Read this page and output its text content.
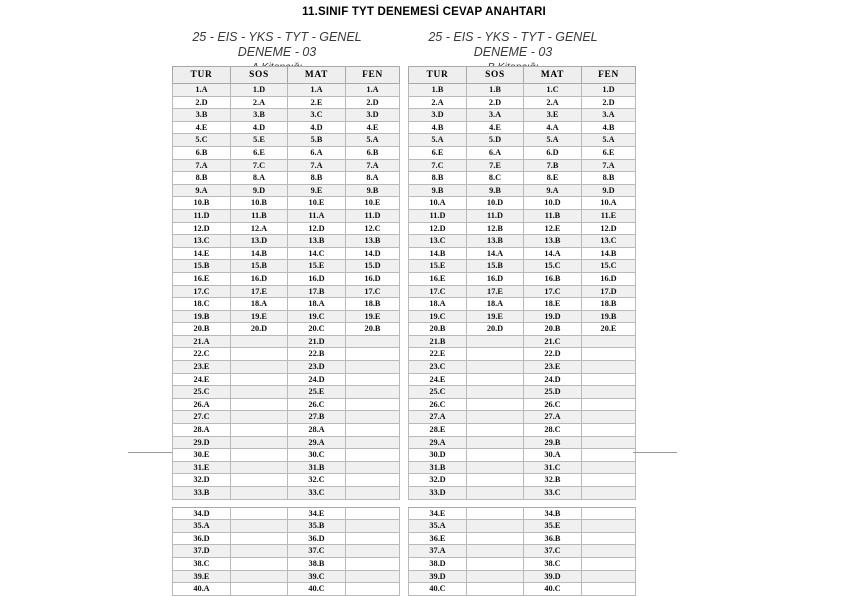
11.SINIF TYT DENEMESİ CEVAP ANAHTARI
25 - EIS - YKS - TYT - GENEL
DENEME - 03
25 - EIS - YKS - TYT - GENEL
DENEME - 03
TUR	SOS	MAT	FEN
1.A	1.D	1.A	1.A
2.D	2.A	2.E	2.D
3.B	3.B	3.C	3.D
4.E	4.D	4.D	4.E
5.C	5.E	5.B	5.A
6.B	6.E	6.A	6.B
7.A	7.C	7.A	7.A
8.B	8.A	8.B	8.A
9.A	9.D	9.E	9.B
10.B	10.B	10.E	10.E
11.D	11.B	11.A	11.D
12.D	12.A	12.D	12.C
13.C	13.D	13.B	13.B
14.E	14.B	14.C	14.D
15.B	15.B	15.E	15.D
16.E	16.D	16.D	16.D
17.C	17.E	17.B	17.C
18.C	18.A	18.A	18.B
19.B	19.E	19.C	19.E
20.B	20.D	20.C	20.B
21.A		21.D	
22.C		22.B	
23.E		23.D	
24.E		24.D	
25.C		25.E	
26.A		26.C	
27.C		27.B	
28.A		28.A	
29.D		29.A	
30.E		30.C	
31.E		31.B	
32.D		32.C	
33.B		33.C	

34.D		34.E	
35.A		35.B	
36.D		36.D	
37.D		37.C	
38.C		38.B	
39.E		39.C	
40.A		40.C	
TUR	SOS	MAT	FEN
1.B	1.B	1.C	1.D
2.A	2.D	2.A	2.D
3.D	3.A	3.E	3.A
4.B	4.E	4.A	4.B
5.A	5.D	5.A	5.A
6.E	6.A	6.D	6.E
7.C	7.E	7.B	7.A
8.B	8.C	8.E	8.B
9.B	9.B	9.A	9.D
10.A	10.D	10.D	10.A
11.D	11.D	11.B	11.E
12.D	12.B	12.E	12.D
13.C	13.B	13.B	13.C
14.B	14.A	14.A	14.B
15.E	15.B	15.C	15.C
16.E	16.D	16.B	16.D
17.C	17.E	17.C	17.D
18.A	18.A	18.E	18.B
19.C	19.E	19.D	19.B
20.B	20.D	20.B	20.E
21.B		21.C	
22.E		22.D	
23.C		23.E	
24.E		24.D	
25.C		25.D	
26.C		26.C	
27.A		27.A	
28.E		28.C	
29.A		29.B	
30.D		30.A	
31.B		31.C	
32.D		32.B	
33.D		33.C	

34.E		34.B	
35.A		35.E	
36.E		36.B	
37.A		37.C	
38.D		38.C	
39.D		39.D	
40.C		40.C	
